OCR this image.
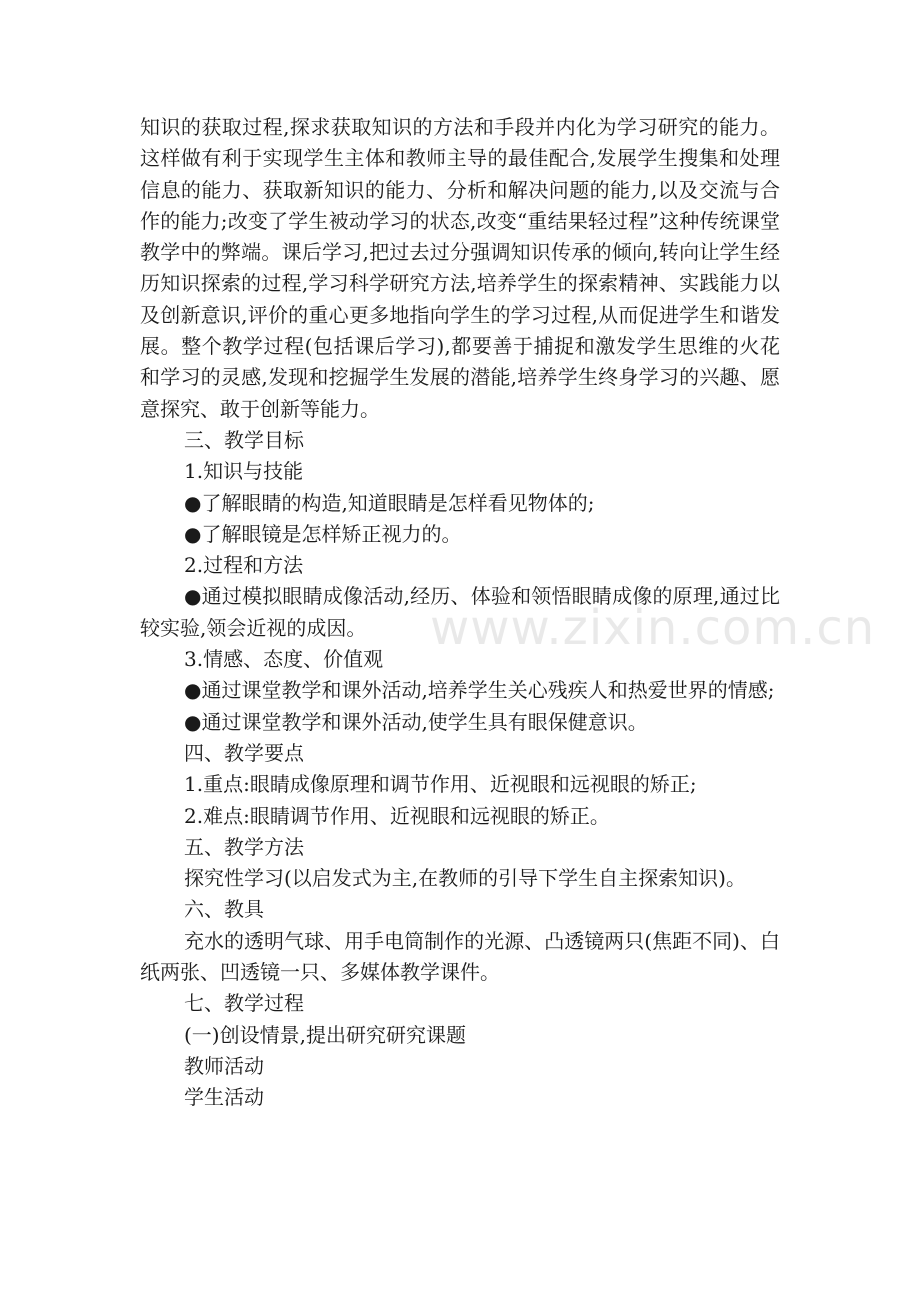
www.zixin.com.cn

知识的获取过程,探求获取知识的方法和手段并内化为学习研究的能力。这样做有利于实现学生主体和教师主导的最佳配合,发展学生搜集和处理信息的能力、获取新知识的能力、分析和解决问题的能力,以及交流与合作的能力;改变了学生被动学习的状态,改变“重结果轻过程”这种传统课堂教学中的弊端。课后学习,把过去过分强调知识传承的倾向,转向让学生经历知识探索的过程,学习科学研究方法,培养学生的探索精神、实践能力以及创新意识,评价的重心更多地指向学生的学习过程,从而促进学生和谐发展。整个教学过程(包括课后学习),都要善于捕捉和激发学生思维的火花和学习的灵感,发现和挖掘学生发展的潜能,培养学生终身学习的兴趣、愿意探究、敢于创新等能力。

三、教学目标

1.知识与技能

●了解眼睛的构造,知道眼睛是怎样看见物体的;

●了解眼镜是怎样矫正视力的。

2.过程和方法

●通过模拟眼睛成像活动,经历、体验和领悟眼睛成像的原理,通过比较实验,领会近视的成因。

3.情感、态度、价值观

●通过课堂教学和课外活动,培养学生关心残疾人和热爱世界的情感;

●通过课堂教学和课外活动,使学生具有眼保健意识。

四、教学要点

1.重点:眼睛成像原理和调节作用、近视眼和远视眼的矫正;

2.难点:眼睛调节作用、近视眼和远视眼的矫正。

五、教学方法

探究性学习(以启发式为主,在教师的引导下学生自主探索知识)。

六、教具

充水的透明气球、用手电筒制作的光源、凸透镜两只(焦距不同)、白纸两张、凹透镜一只、多媒体教学课件。

七、教学过程

(一)创设情景,提出研究研究课题

教师活动

学生活动
